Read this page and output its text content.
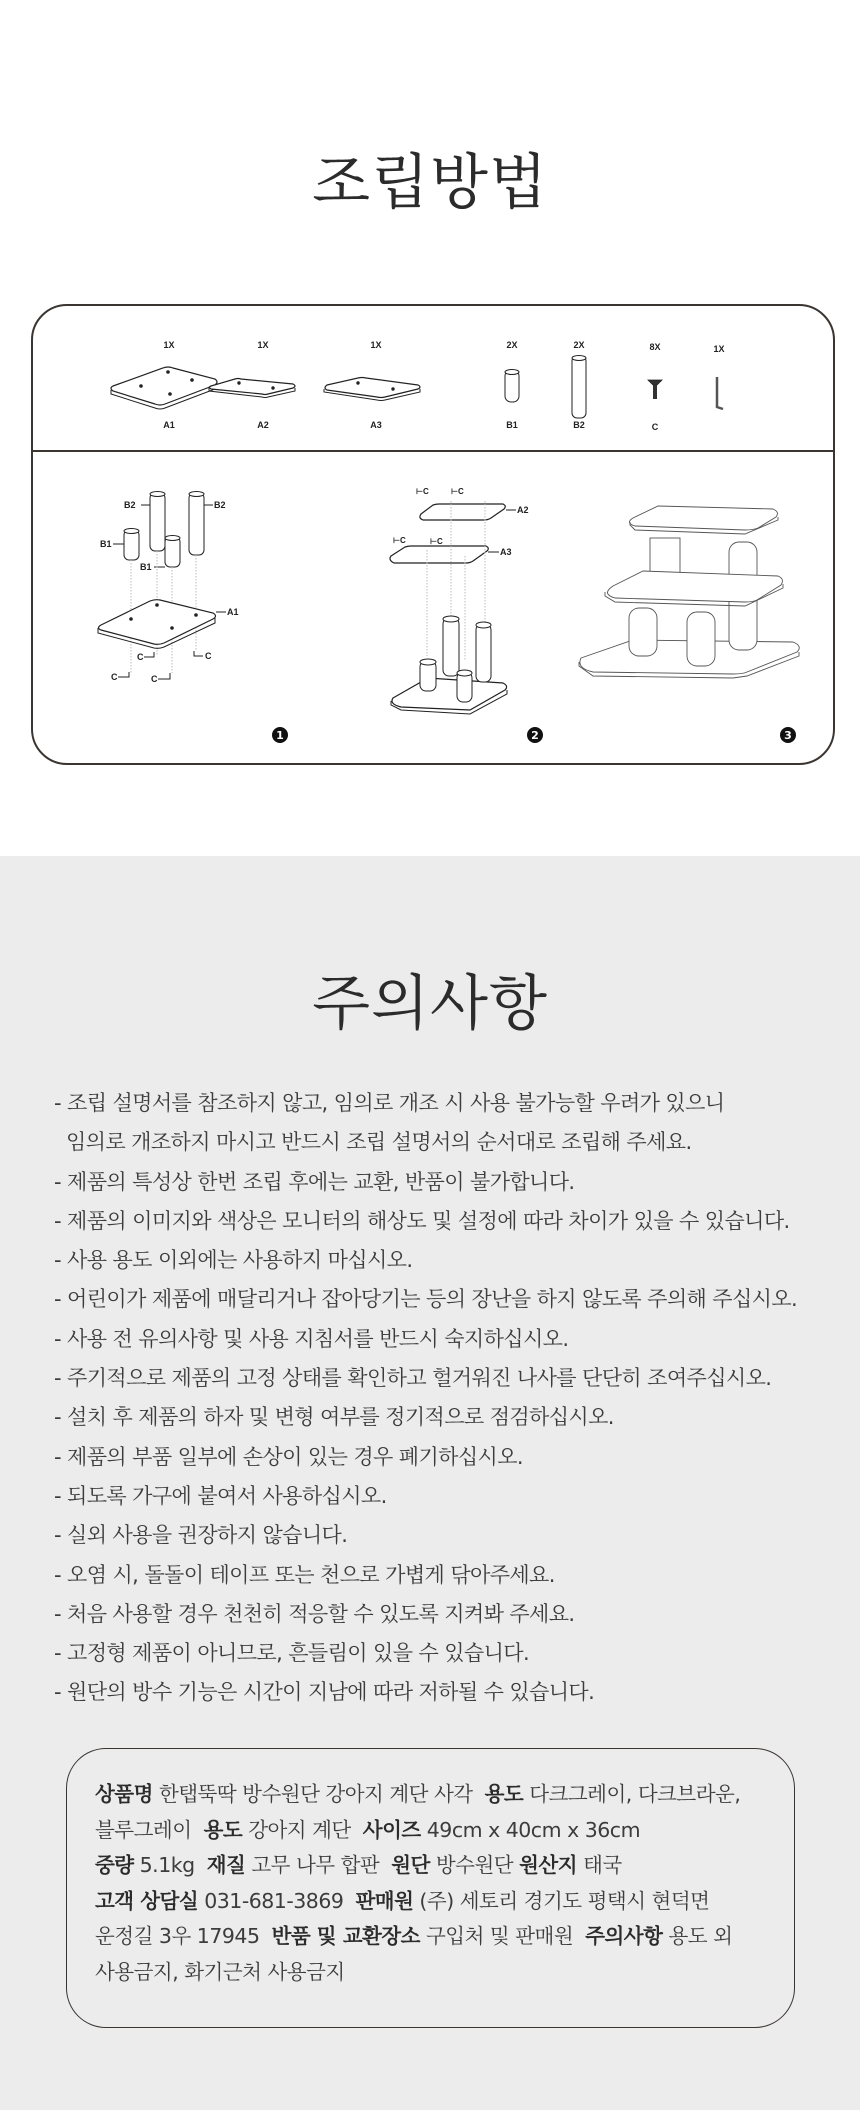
조립방법
1X
A1
1X
A2
1X
A3
2X
B1
2X
B2
8X
C
1X
B2	B2
B1
B1
A1
C	C
C	C
1
⊢C	⊢C
A2
⊢C	⊢C
A3
2	3
주의사항
- 조립 설명서를 참조하지 않고, 임의로 개조 시 사용 불가능할 우려가 있으니
임의로 개조하지 마시고 반드시 조립 설명서의 순서대로 조립해 주세요.
- 제품의 특성상 한번 조립 후에는 교환, 반품이 불가합니다.
- 제품의 이미지와 색상은 모니터의 해상도 및 설정에 따라 차이가 있을 수 있습니다.
- 사용 용도 이외에는 사용하지 마십시오.
- 어린이가 제품에 매달리거나 잡아당기는 등의 장난을 하지 않도록 주의해 주십시오.
- 사용 전 유의사항 및 사용 지침서를 반드시 숙지하십시오.
- 주기적으로 제품의 고정 상태를 확인하고 헐거워진 나사를 단단히 조여주십시오.
- 설치 후 제품의 하자 및 변형 여부를 정기적으로 점검하십시오.
- 제품의 부품 일부에 손상이 있는 경우 폐기하십시오.
- 되도록 가구에 붙여서 사용하십시오.
- 실외 사용을 권장하지 않습니다.
- 오염 시, 돌돌이 테이프 또는 천으로 가볍게 닦아주세요.
- 처음 사용할 경우 천천히 적응할 수 있도록 지켜봐 주세요.
- 고정형 제품이 아니므로, 흔들림이 있을 수 있습니다.
- 원단의 방수 기능은 시간이 지남에 따라 저하될 수 있습니다.
상품명 한탭뚝딱 방수원단 강아지 계단 사각 용도 다크그레이, 다크브라운,
블루그레이 용도 강아지 계단 사이즈 49cm x 40cm x 36cm
중량 5.1kg 재질 고무 나무 합판 원단 방수원단 원산지 태국
고객 상담실 031-681-3869 판매원 (주) 세토리 경기도 평택시 현덕면
운정길 3우 17945 반품 및 교환장소 구입처 및 판매원 주의사항 용도 외
사용금지, 화기근처 사용금지
